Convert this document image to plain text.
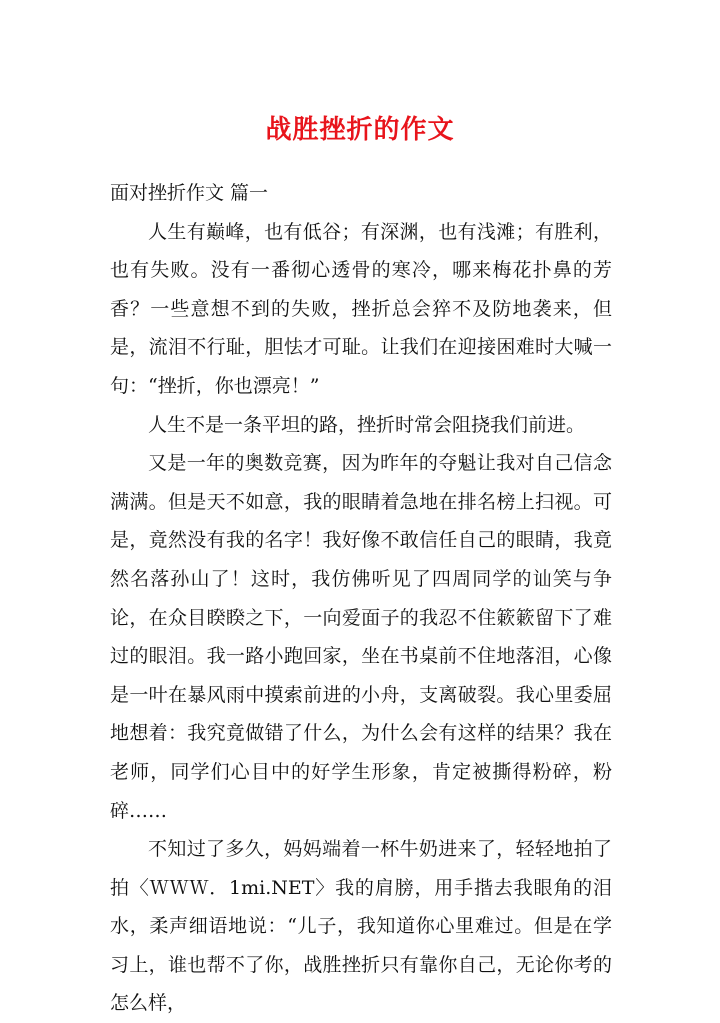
战胜挫折的作文

面对挫折作文 篇一

人生有巅峰，也有低谷；有深渊，也有浅滩；有胜利，也有失败。没有一番彻心透骨的寒冷，哪来梅花扑鼻的芳香？一些意想不到的失败，挫折总会猝不及防地袭来，但是，流泪不行耻，胆怯才可耻。让我们在迎接困难时大喊一句：“挫折，你也漂亮！”

人生不是一条平坦的路，挫折时常会阻挠我们前进。

又是一年的奥数竞赛，因为昨年的夺魁让我对自己信念满满。但是天不如意，我的眼睛着急地在排名榜上扫视。可是，竟然没有我的名字！我好像不敢信任自己的眼睛，我竟然名落孙山了！这时，我仿佛听见了四周同学的讪笑与争论，在众目睽睽之下，一向爱面子的我忍不住簌簌留下了难过的眼泪。我一路小跑回家，坐在书桌前不住地落泪，心像是一叶在暴风雨中摸索前进的小舟，支离破裂。我心里委屈地想着：我究竟做错了什么，为什么会有这样的结果？我在老师，同学们心目中的好学生形象，肯定被撕得粉碎，粉碎……

不知过了多久，妈妈端着一杯牛奶进来了，轻轻地拍了拍〈ＷＷＷ．1mi.NET〉我的肩膀，用手揩去我眼角的泪水，柔声细语地说：“儿子，我知道你心里难过。但是在学习上，谁也帮不了你，战胜挫折只有靠你自己，无论你考的怎么样，
